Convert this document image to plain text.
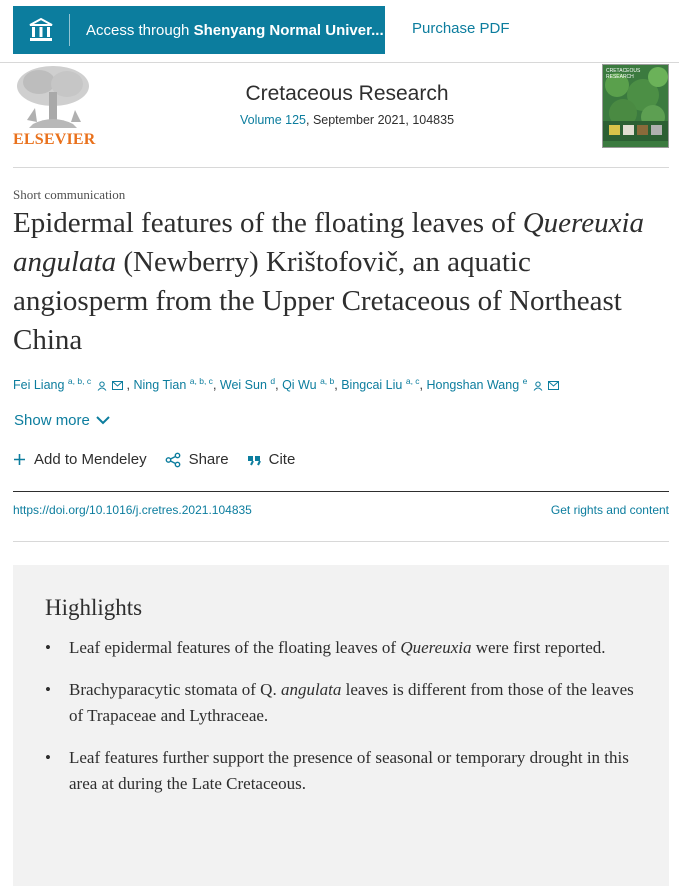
Access through Shenyang Normal Univer... Purchase PDF
ELSEVIER
Cretaceous Research
Volume 125, September 2021, 104835
CRETACEOUS RESEARCH
Short communication
Epidermal features of the floating leaves of Quereuxia angulata (Newberry) Krištofovič, an aquatic angiosperm from the Upper Cretaceous of Northeast China
Fei Liang $^{a, b, c}$	, Ning Tian $^{a, b, c}$, Wei Sun $^d$, Qi Wu $^{a, b}$, Bingcai Liu $^{a, c}$, Hongshan Wang $^e$
Show more
Add to Mendeley	Share	Cite
https://doi.org/10.1016/j.cretres.2021.104835	Get rights and content
Highlights
• Leaf epidermal features of the floating leaves of Quereuxia were first reported.
• Brachyparacytic stomata of Q. angulata leaves is different from those of the leaves of Trapaceae and Lythraceae.
• Leaf features further support the presence of seasonal or temporary drought in this area at during the Late Cretaceous.
